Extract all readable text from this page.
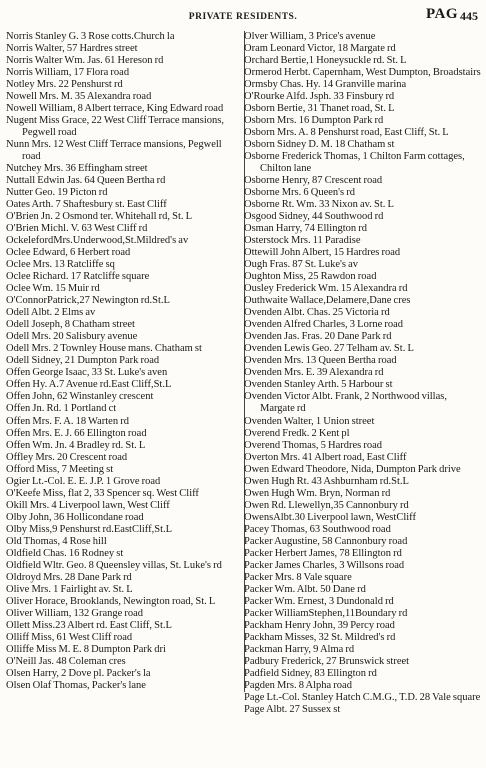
PRIVATE RESIDENTS.	PAG 445
Norris Stanley G. 3 Rose cotts.Church la
Norris Walter, 57 Hardres street
Norris Walter Wm. Jas. 61 Hereson rd
Norris William, 17 Flora road
Notley Mrs. 22 Penshurst rd
Nowell Mrs. M. 35 Alexandra road
Nowell William, 8 Albert terrace, King Edward road
Nugent Miss Grace, 22 West Cliff Terrace mansions, Pegwell road
Nunn Mrs. 12 West Cliff Terrace mansions, Pegwell road
Nutchey Mrs. 36 Effingham street
Nuttall Edwin Jas. 64 Queen Bertha rd
Nutter Geo. 19 Picton rd
Oates Arth. 7 Shaftesbury st. East Cliff
O'Brien Jn. 2 Osmond ter. Whitehall rd, St. L
O'Brien Michl. V. 63 West Cliff rd
OckelefordMrs.Underwood,St.Mildred's av
Oclee Edward, 6 Herbert road
Oclee Mrs. 13 Ratcliffe sq
Oclee Richard. 17 Ratcliffe square
Oclee Wm. 15 Muir rd
O'ConnorPatrick,27 Newington rd.St.L
Odell Albt. 2 Elms av
Odell Joseph, 8 Chatham street
Odell Mrs. 20 Salisbury avenue
Odell Mrs. 2 Townley House mans. Chatham st
Odell Sidney, 21 Dumpton Park road
Offen George Isaac, 33 St. Luke's aven
Offen Hy. A.7 Avenue rd.East Cliff,St.L
Offen John, 62 Winstanley crescent
Offen Jn. Rd. 1 Portland ct
Offen Mrs. F. A. 18 Warten rd
Offen Mrs. E. J. 66 Ellington road
Offen Wm. Jn. 4 Bradley rd. St. L
Offley Mrs. 20 Crescent road
Offord Miss, 7 Meeting st
Ogier Lt.-Col. E. E. J.P. 1 Grove road
O'Keefe Miss, flat 2, 33 Spencer sq. West Cliff
Okill Mrs. 4 Liverpool lawn, West Cliff
Olby John, 36 Hollicondane road
Olby Miss,9 Penshurst rd.EastCliff,St.L
Old Thomas, 4 Rose hill
Oldfield Chas. 16 Rodney st
Oldfield Wltr. Geo. 8 Queensley villas, St. Luke's rd
Oldroyd Mrs. 28 Dane Park rd
Olive Mrs. 1 Fairlight av. St. L
Oliver Horace, Brooklands, Newington road, St. L
Oliver William, 132 Grange road
Ollett Miss.23 Albert rd. East Cliff, St.L
Olliff Miss, 61 West Cliff road
Olliffe Miss M. E. 8 Dumpton Park dri
O'Neill Jas. 48 Coleman cres
Olsen Harry, 2 Dove pl. Packer's la
Olsen Olaf Thomas, Packer's lane
Olver William, 3 Price's avenue
Oram Leonard Victor, 18 Margate rd
Orchard Bertie,1 Honeysuckle rd. St. L
Ormerod Herbt. Capernham, West Dumpton, Broadstairs
Ormsby Chas. Hy. 14 Granville marina
O'Rourke Alfd. Jsph. 33 Finsbury rd
Osborn Bertie, 31 Thanet road, St. L
Osborn Mrs. 16 Dumpton Park rd
Osborn Mrs. A. 8 Penshurst road, East Cliff, St. L
Osborn Sidney D. M. 18 Chatham st
Osborne Frederick Thomas, 1 Chilton Farm cottages, Chilton lane
Osborne Henry, 87 Crescent road
Osborne Mrs. 6 Queen's rd
Osborne Rt. Wm. 33 Nixon av. St. L
Osgood Sidney, 44 Southwood rd
Osman Harry, 74 Ellington rd
Osterstock Mrs. 11 Paradise
Ottewill John Albert, 15 Hardres road
Ough Fras. 87 St. Luke's av
Oughton Miss, 25 Rawdon road
Ousley Frederick Wm. 15 Alexandra rd
Outhwaite Wallace,Delamere,Dane cres
Ovenden Albt. Chas. 25 Victoria rd
Ovenden Alfred Charles, 3 Lorne road
Ovenden Jas. Fras. 20 Dane Park rd
Ovenden Lewis Geo. 27 Telham av. St. L
Ovenden Mrs. 13 Queen Bertha road
Ovenden Mrs. E. 39 Alexandra rd
Ovenden Stanley Arth. 5 Harbour st
Ovenden Victor Albt. Frank, 2 Northwood villas, Margate rd
Ovenden Walter, 1 Union street
Overend Fredk. 2 Kent pl
Overend Thomas, 5 Hardres road
Overton Mrs. 41 Albert road, East Cliff
Owen Edward Theodore, Nida, Dumpton Park drive
Owen Hugh Rt. 43 Ashburnham rd.St.L
Owen Hugh Wm. Bryn, Norman rd
Owen Rd. Llewellyn,35 Cannonbury rd
OwensAlbt.30 Liverpool lawn, WestCliff
Pacey Thomas, 63 Southwood road
Packer Augustine, 58 Cannonbury road
Packer Herbert James, 78 Ellington rd
Packer James Charles, 3 Willsons road
Packer Mrs. 8 Vale square
Packer Wm. Albt. 50 Dane rd
Packer Wm. Ernest, 3 Dundonald rd
Packer WilliamStephen,11Boundary rd
Packham Henry John, 39 Percy road
Packham Misses, 32 St. Mildred's rd
Packman Harry, 9 Alma rd
Padbury Frederick, 27 Brunswick street
Padfield Sidney, 83 Ellington rd
Pagden Mrs. 8 Alpha road
Page Lt.-Col. Stanley Hatch C.M.G., T.D. 28 Vale square
Page Albt. 27 Sussex st
